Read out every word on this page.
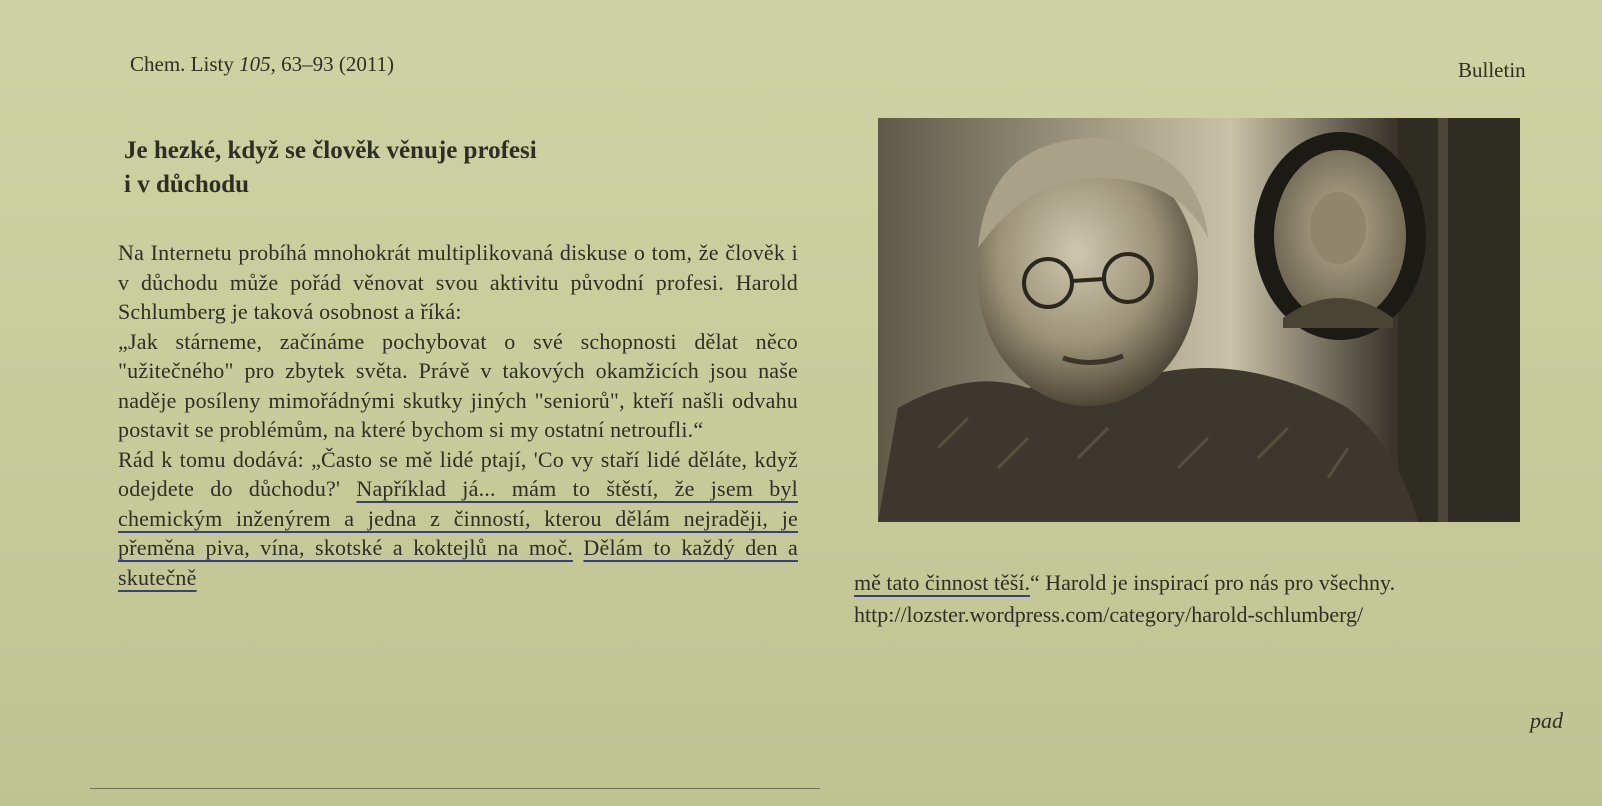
Chem. Listy 105, 63–93 (2011)	Bulletin
Je hezké, když se člověk věnuje profesi
i v důchodu

Na Internetu probíhá mnohokrát multiplikovaná diskuse o tom, že člověk i v důchodu může pořád věnovat svou aktivitu původní profesi. Harold Schlumberg je taková osobnost a říká:

„Jak stárneme, začínáme pochybovat o své schopnosti dělat něco "užitečného" pro zbytek světa. Právě v takových okamžicích jsou naše naděje posíleny mimořádnými skutky jiných "seniorů", kteří našli odvahu postavit se problémům, na které bychom si my ostatní netroufli.“

Rád k tomu dodává: „Často se mě lidé ptají, 'Co vy staří lidé děláte, když odejdete do důchodu?' Například já... mám to štěstí, že jsem byl chemickým inženýrem a jedna z činností, kterou dělám nejraději, je přeměna piva, vína, skotské a koktejlů na moč. Dělám to každý den a skutečně	mě tato činnost těší.“ Harold je inspirací pro nás pro všechny.

http://lozster.wordpress.com/category/harold-schlumberg/

pad
